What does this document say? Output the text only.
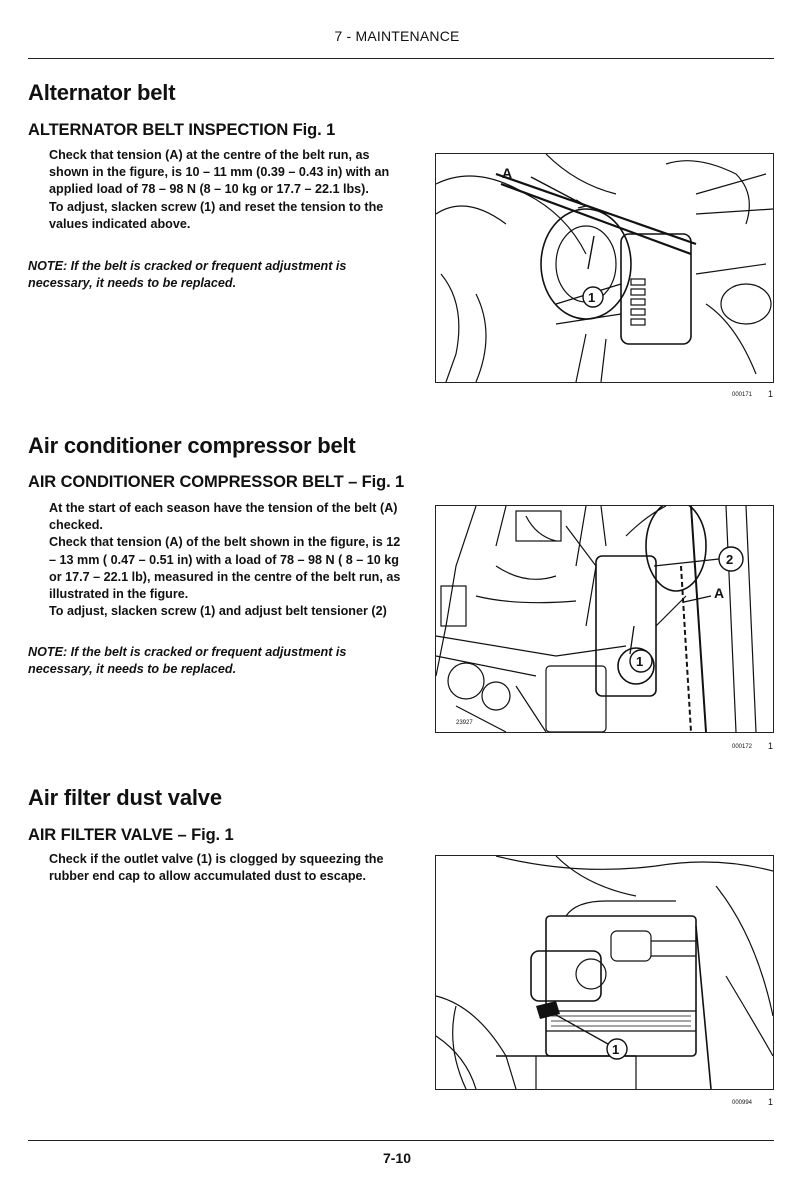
7 - MAINTENANCE
Alternator belt
ALTERNATOR BELT INSPECTION Fig. 1

Check that tension (A) at the centre of the belt run, as shown in the figure, is 10 – 11 mm (0.39 – 0.43 in) with an applied load of 78 – 98 N (8 – 10 kg or 17.7 – 22.1 lbs).

To adjust, slacken screw (1) and reset the tension to the values indicated above.

NOTE: If the belt is cracked or frequent adjustment is necessary, it needs to be replaced.
A
1
000171 1
Air conditioner compressor belt
AIR CONDITIONER COMPRESSOR BELT – Fig. 1

At the start of each season have the tension of the belt (A) checked.

Check that tension (A) of the belt shown in the figure, is 12 – 13 mm ( 0.47 – 0.51 in) with a load of 78 – 98 N ( 8 – 10 kg or 17.7 – 22.1 lb), measured in the centre of the belt run, as illustrated in the figure.

To adjust, slacken screw (1) and adjust belt tensioner (2)

NOTE: If the belt is cracked or frequent adjustment is necessary, it needs to be replaced.
2
A
1
23927
000172 1
Air filter dust valve
AIR FILTER VALVE – Fig. 1

Check if the outlet valve (1) is clogged by squeezing the rubber end cap to allow accumulated dust to escape.

1
000994 1
7-10
